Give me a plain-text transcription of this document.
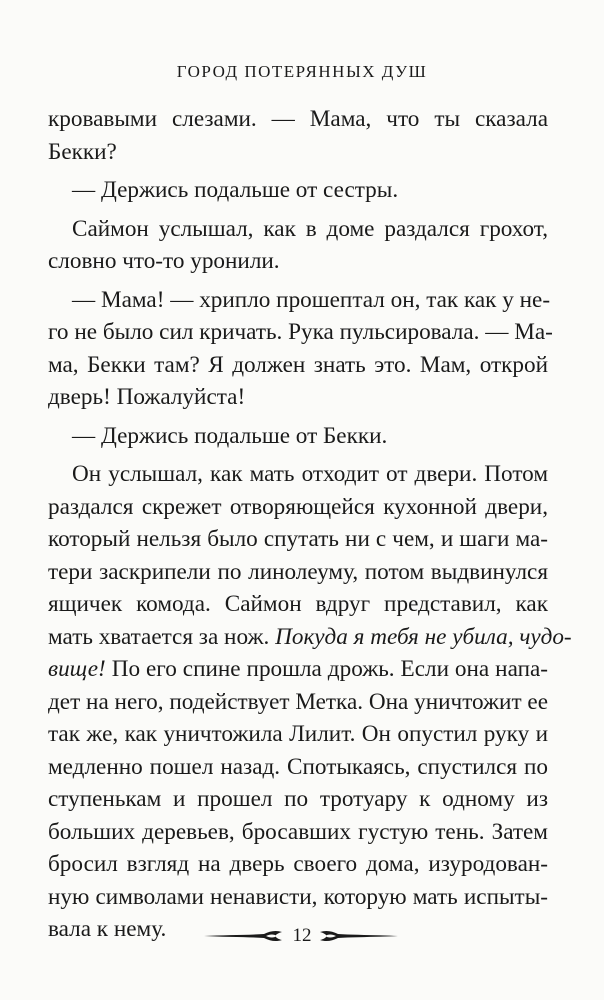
ГОРОД ПОТЕРЯННЫХ ДУШ
кровавыми слезами. — Мама, что ты сказала
Бекки?
— Держись подальше от сестры.
Саймон услышал, как в доме раздался грохот,
словно что-то уронили.
— Мама! — хрипло прошептал он, так как у не-
го не было сил кричать. Рука пульсировала. — Ма-
ма, Бекки там? Я должен знать это. Мам, открой
дверь! Пожалуйста!
— Держись подальше от Бекки.
Он услышал, как мать отходит от двери. Потом
раздался скрежет отворяющейся кухонной двери,
который нельзя было спутать ни с чем, и шаги ма-
тери заскрипели по линолеуму, потом выдвинулся
ящичек комода. Саймон вдруг представил, как
мать хватается за нож. Покуда я тебя не убила, чудо-
вище! По его спине прошла дрожь. Если она напа-
дет на него, подействует Метка. Она уничтожит ее
так же, как уничтожила Лилит. Он опустил руку и
медленно пошел назад. Спотыкаясь, спустился по
ступенькам и прошел по тротуару к одному из
больших деревьев, бросавших густую тень. Затем
бросил взгляд на дверь своего дома, изуродован-
ную символами ненависти, которую мать испыты-
вала к нему.	12
